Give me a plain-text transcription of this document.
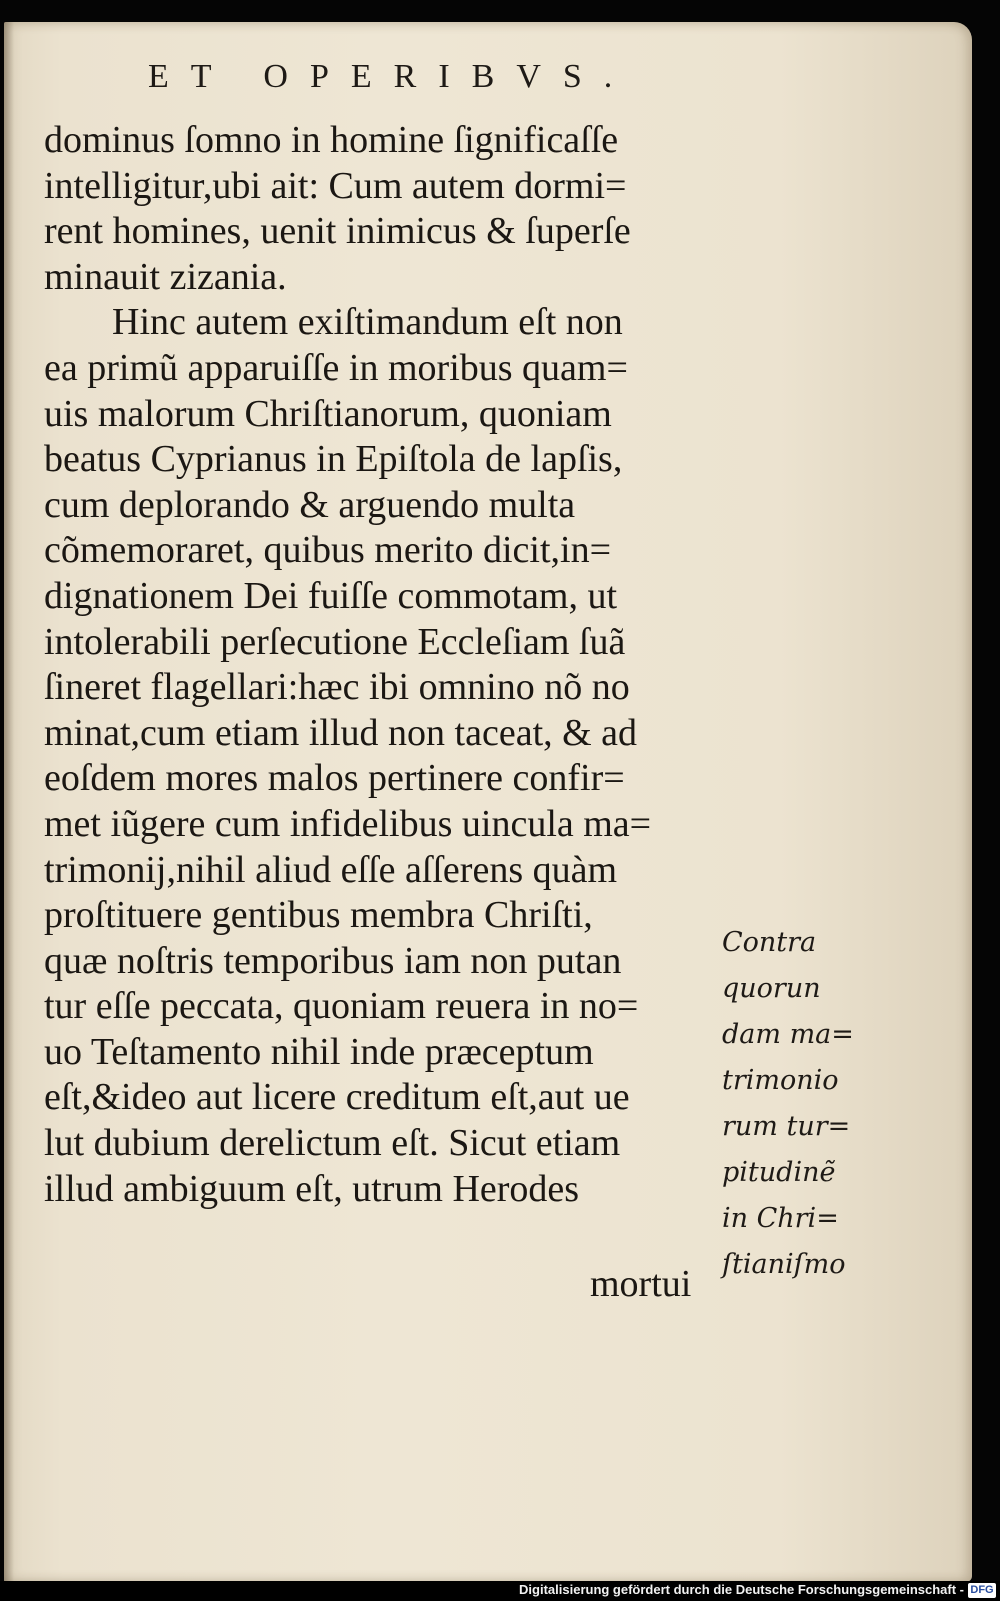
ET OPERIBVS.
dominus ſomno in homine ſignificaſſe
intelligitur,ubi ait: Cum autem dormi=
rent homines, uenit inimicus & ſuperſe
minauit zizania.
Hinc autem exiſtimandum eſt non
ea primũ apparuiſſe in moribus quam=
uis malorum Chriſtianorum, quoniam
beatus Cyprianus in Epiſtola de lapſis,
cum deplorando & arguendo multa
cõmemoraret, quibus merito dicit,in=
dignationem Dei fuiſſe commotam, ut
intolerabili perſecutione Eccleſiam ſuã
ſineret flagellari:hæc ibi omnino nõ no
minat,cum etiam illud non taceat, & ad
eoſdem mores malos pertinere confir=
met iũgere cum infidelibus uincula ma=
trimonij,nihil aliud eſſe aſſerens quàm
proſtituere gentibus membra Chriſti,
quæ noſtris temporibus iam non putan
tur eſſe peccata, quoniam reuera in no=
uo Teſtamento nihil inde præceptum
eſt,&ideo aut licere creditum eſt,aut ue
lut dubium derelictum eſt. Sicut etiam
illud ambiguum eſt, utrum Herodes
mortui
Contra
quorun
dam ma=
trimonio
rum tur=
pitudinẽ
in Chri=
ſtianiſmo
Digitalisierung gefördert durch die Deutsche Forschungsgemeinschaft - DFG
